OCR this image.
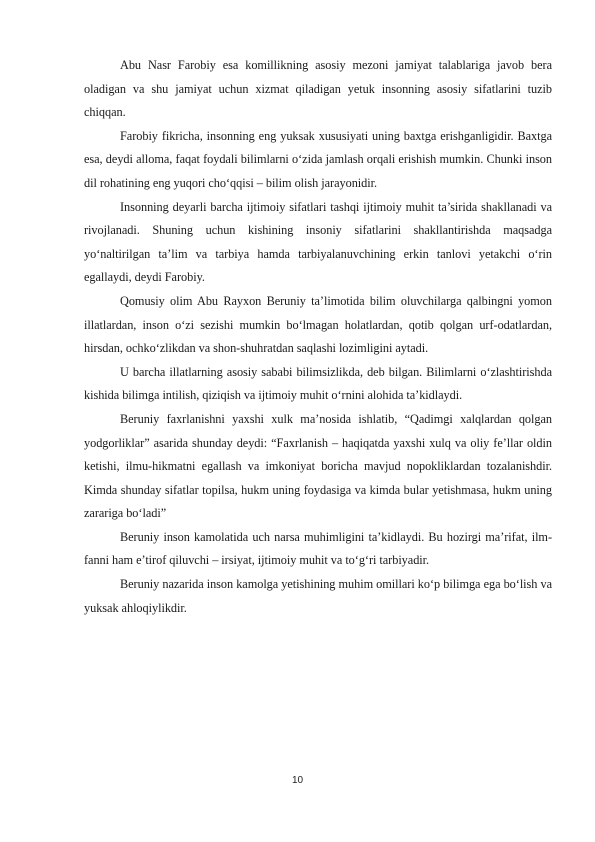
Abu Nasr Farobiy esa komillikning asosiy mezoni jamiyat talablariga javob bera oladigan va shu jamiyat uchun xizmat qiladigan yetuk insonning asosiy sifatlarini tuzib chiqqan.

Farobiy fikricha, insonning eng yuksak xususiyati uning baxtga erishganligidir. Baxtga esa, deydi alloma, faqat foydali bilimlarni o‘zida jamlash orqali erishish mumkin. Chunki inson dil rohatining eng yuqori cho‘qqisi – bilim olish jarayonidir.

Insonning deyarli barcha ijtimoiy sifatlari tashqi ijtimoiy muhit ta’sirida shakllanadi va rivojlanadi. Shuning uchun kishining insoniy sifatlarini shakllantirishda maqsadga yo‘naltirilgan ta’lim va tarbiya hamda tarbiyalanuvchining erkin tanlovi yetakchi o‘rin egallaydi, deydi Farobiy.

Qomusiy olim Abu Rayxon Beruniy ta’limotida bilim oluvchilarga qalbingni yomon illatlardan, inson o‘zi sezishi mumkin bo‘lmagan holatlardan, qotib qolgan urf-odatlardan, hirsdan, ochko‘zlikdan va shon-shuhratdan saqlashi lozimligini aytadi.

U barcha illatlarning asosiy sababi bilimsizlikda, deb bilgan. Bilimlarni o‘zlashtirishda kishida bilimga intilish, qiziqish va ijtimoiy muhit o‘rnini alohida ta’kidlaydi.

Beruniy faxrlanishni yaxshi xulk ma’nosida ishlatib, “Qadimgi xalqlardan qolgan yodgorliklar” asarida shunday deydi: “Faxrlanish – haqiqatda yaxshi xulq va oliy fe’llar oldin ketishi, ilmu-hikmatni egallash va imkoniyat boricha mavjud nopokliklardan tozalanishdir. Kimda shunday sifatlar topilsa, hukm uning foydasiga va kimda bular yetishmasa, hukm uning zarariga bo‘ladi”

Beruniy inson kamolatida uch narsa muhimligini ta’kidlaydi. Bu hozirgi ma’rifat, ilm-fanni ham e’tirof qiluvchi – irsiyat, ijtimoiy muhit va to‘g‘ri tarbiyadir.

Beruniy nazarida inson kamolga yetishining muhim omillari ko‘p bilimga ega bo‘lish va yuksak ahloqiylikdir.

10
